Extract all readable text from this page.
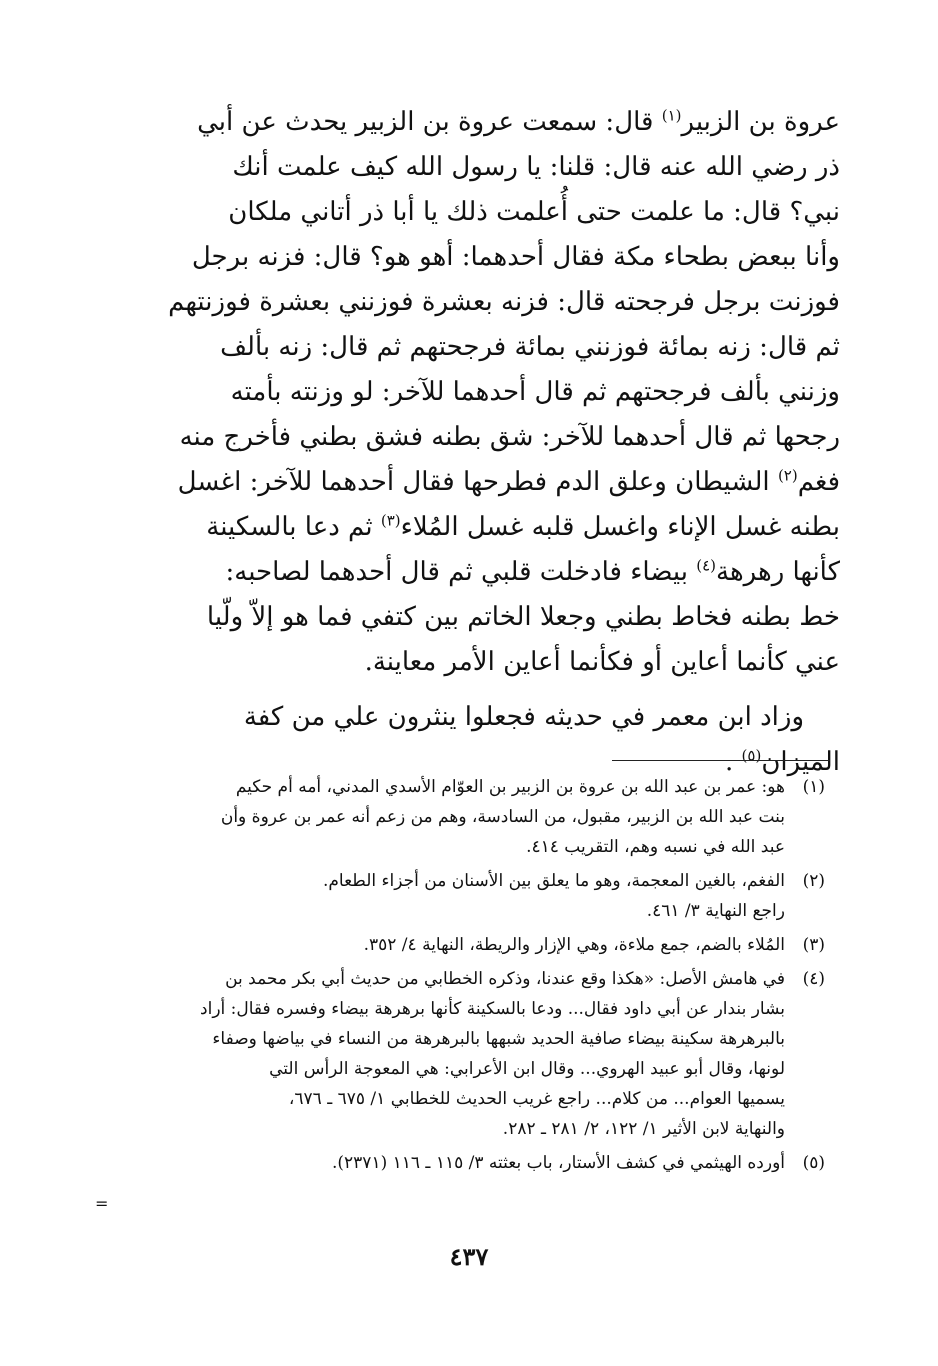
عروة بن الزبير$^{(١)}$ قال: سمعت عروة بن الزبير يحدث عن أبي
ذر رضي الله عنه قال: قلنا: يا رسول الله كيف علمت أنك
نبي؟ قال: ما علمت حتى أُعلمت ذلك يا أبا ذر أتاني ملكان
وأنا ببعض بطحاء مكة فقال أحدهما: أهو هو؟ قال: فزنه برجل
فوزنت برجل فرجحته قال: فزنه بعشرة فوزنني بعشرة فوزنتهم
ثم قال: زنه بمائة فوزنني بمائة فرجحتهم ثم قال: زنه بألف
وزنني بألف فرجحتهم ثم قال أحدهما للآخر: لو وزنته بأمته
رجحها ثم قال أحدهما للآخر: شق بطنه فشق بطني فأخرج منه
فغم$^{(٢)}$ الشيطان وعلق الدم فطرحها فقال أحدهما للآخر: اغسل
بطنه غسل الإناء واغسل قلبه غسل المُلاء$^{(٣)}$ ثم دعا بالسكينة
كأنها رهرهة$^{(٤)}$ بيضاء فادخلت قلبي ثم قال أحدهما لصاحبه:
خط بطنه فخاط بطني وجعلا الخاتم بين كتفي فما هو إلاّ ولّيا
عني كأنما أعاين أو فكأنما أعاين الأمر معاينة.
وزاد ابن معمر في حديثه فجعلوا ينثرون علي من كفة
الميزان$^{(٥)}$ .
(١)
هو: عمر بن عبد الله بن عروة بن الزبير بن العوّام الأسدي المدني، أمه أم حكيم
بنت عبد الله بن الزبير، مقبول، من السادسة، وهم من زعم أنه عمر بن عروة وأن
عبد الله في نسبه وهم، التقريب ٤١٤.
(٢)
الفغم، بالغين المعجمة، وهو ما يعلق بين الأسنان من أجزاء الطعام.
راجع النهاية ٣/ ٤٦١.
(٣)
المُلاء بالضم، جمع ملاءة، وهي الإزار والريطة، النهاية ٤/ ٣٥٢.
(٤)
في هامش الأصل: «هكذا وقع عندنا، وذكره الخطابي من حديث أبي بكر محمد بن
بشار بندار عن أبي داود فقال... ودعا بالسكينة كأنها برهرهة بيضاء وفسره فقال: أراد
بالبرهرهة سكينة بيضاء صافية الحديد شبهها بالبرهرهة من النساء في بياضها وصفاء
لونها، وقال أبو عبيد الهروي... وقال ابن الأعرابي: هي المعوجة الرأس التي
يسميها العوام... من كلام... راجع غريب الحديث للخطابي ١/ ٦٧٥ ـ ٦٧٦،
والنهاية لابن الأثير ١/ ١٢٢، ٢/ ٢٨١ ـ ٢٨٢.
(٥)
أورده الهيثمي في كشف الأستار، باب بعثته ٣/ ١١٥ ـ ١١٦ (٢٣٧١).
=
٤٣٧
